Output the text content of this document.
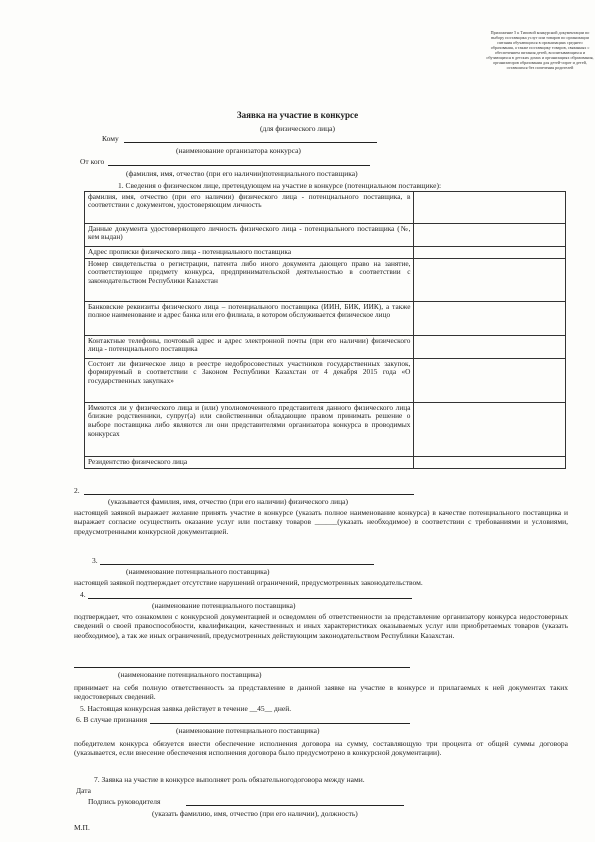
Приложение 5 к Типовой конкурсной документации по выбору поставщика услуг или товаров по организации питания обучающихся в организациях среднего образования, а также поставщику товаров, связанных с обеспечением питания детей, воспитывающихся и обучающихся в детских домах и организациях образования, организаторов образования для детей-сирот и детей, оставшихся без попечения родителей
Заявка на участие в конкурсе
(для физического лица)
Кому
(наименование организатора конкурса)
От кого
(фамилия, имя, отчество (при его наличии)потенциального поставщика)
1. Сведения о физическом лице, претендующем на участие в конкурсе (потенциальном поставщике):
фамилия, имя, отчество (при его наличии) физического лица - потенциального поставщика, в соответствии с документом, удостоверяющим личность	
Данные документа удостоверяющего личность физического лица - потенциального поставщика (№, кем выдан)	
Адрес прописки физического лица - потенциального поставщика	
Номер свидетельства о регистрации, патента либо иного документа дающего право на занятие, соответствующее предмету конкурса, предпринимательской деятельностью в соответствии с законодательством Республики Казахстан	
Банковские реквизиты физического лица – потенциального поставщика (ИИН, БИК, ИИК), а также полное наименование и адрес банка или его филиала, в котором обслуживается физическое лицо	
Контактные телефоны, почтовый адрес и адрес электронной почты (при его наличии) физического лица - потенциального поставщика	
Состоит ли физическое лицо в реестре недобросовестных участников государственных закупок, формируемый в соответствии с Законом Республики Казахстан от 4 декабря 2015 года «О государственных закупках»	
Имеются ли у физического лица и (или) уполномоченного представителя данного физического лица близкие родственники, супруг(а) или свойственники обладающие правом принимать решение о выборе поставщика либо являются ли они представителями организатора конкурса в проводимых конкурсах	
Резидентство физического лица	
2.
(указывается фамилия, имя, отчество (при его наличии) физического лица)
настоящей заявкой выражает желание принять участие в конкурсе (указать полное наименование конкурса) в качестве потенциального поставщика и выражает согласие осуществить оказание услуг или поставку товаров ______(указать необходимое) в соответствии с требованиями и условиями, предусмотренными конкурсной документацией.
3.
(наименование потенциального поставщика)
настоящей заявкой подтверждает отсутствие нарушений ограничений, предусмотренных законодательством.
4.
(наименование потенциального поставщика)
подтверждает, что ознакомлен с конкурсной документацией и осведомлен об ответственности за представление организатору конкурса недостоверных сведений о своей правоспособности, квалификации, качественных и иных характеристиках оказываемых услуг или приобретаемых товаров (указать необходимое), а так же иных ограничений, предусмотренных действующим законодательством Республики Казахстан.
(наименование потенциального поставщика)
принимает на себя полную ответственность за представление в данной заявке на участие в конкурсе и прилагаемых к ней документах таких недостоверных сведений.
5. Настоящая конкурсная заявка действует в течение __45__ дней.
6. В случае признания
(наименование потенциального поставщика)
победителем конкурса обязуется внести обеспечение исполнения договора на сумму, составляющую три процента от общей суммы договора (указывается, если внесение обеспечения исполнения договора было предусмотрено в конкурсной документации).
7. Заявка на участие в конкурсе выполняет роль обязательногодоговора между нами.
Дата
Подпись руководителя
(указать фамилию, имя, отчество (при его наличии), должность)
М.П.
